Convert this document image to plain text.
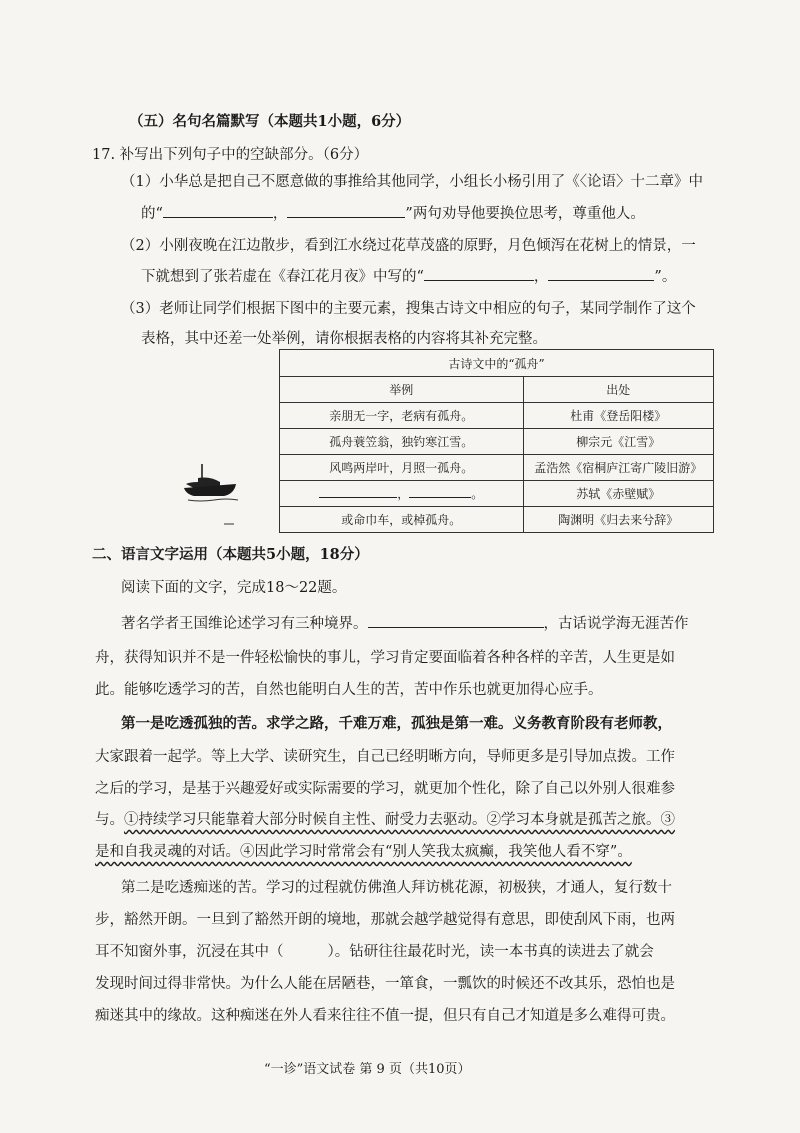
（五）名句名篇默写（本题共1小题，6分）
17. 补写出下列句子中的空缺部分。（6分）
（1）小华总是把自己不愿意做的事推给其他同学，小组长小杨引用了《〈论语〉十二章》中
的“	，	”两句劝导他要换位思考，尊重他人。
（2）小刚夜晚在江边散步，看到江水绕过花草茂盛的原野，月色倾泻在花树上的情景，一
下就想到了张若虚在《春江花月夜》中写的“	，	”。
（3）老师让同学们根据下图中的主要元素，搜集古诗文中相应的句子，某同学制作了这个
表格，其中还差一处举例，请你根据表格的内容将其补充完整。
古诗文中的“孤舟”	
举例	出处
亲朋无一字，老病有孤舟。	杜甫《登岳阳楼》
孤舟蓑笠翁，独钓寒江雪。	柳宗元《江雪》
风鸣两岸叶，月照一孤舟。	孟浩然《宿桐庐江寄广陵旧游》
， 。	苏轼《赤壁赋》
或命巾车，或棹孤舟。	陶渊明《归去来兮辞》
二、语言文字运用（本题共5小题，18分）
阅读下面的文字，完成18～22题。
著名学者王国维论述学习有三种境界。	，古话说学海无涯苦作
舟，获得知识并不是一件轻松愉快的事儿，学习肯定要面临着各种各样的辛苦，人生更是如
此。能够吃透学习的苦，自然也能明白人生的苦，苦中作乐也就更加得心应手。
第一是吃透孤独的苦。求学之路，千难万难，孤独是第一难。义务教育阶段有老师教，
大家跟着一起学。等上大学、读研究生，自己已经明晰方向，导师更多是引导加点拨。工作
之后的学习，是基于兴趣爱好或实际需要的学习，就更加个性化，除了自己以外别人很难参
与。①持续学习只能靠着大部分时候自主性、耐受力去驱动。②学习本身就是孤苦之旅。③
是和自我灵魂的对话。④因此学习时常常会有“别人笑我太疯癫，我笑他人看不穿”。
第二是吃透痴迷的苦。学习的过程就仿佛渔人拜访桃花源，初极狭，才通人，复行数十
步，豁然开朗。一旦到了豁然开朗的境地，那就会越学越觉得有意思，即使刮风下雨，也两
耳不知窗外事，沉浸在其中（	）。钻研往往最花时光，读一本书真的读进去了就会
发现时间过得非常快。为什么人能在居陋巷，一箪食，一瓢饮的时候还不改其乐，恐怕也是
痴迷其中的缘故。这种痴迷在外人看来往往不值一提，但只有自己才知道是多么难得可贵。
“一诊”语文试卷 第 9 页（共10页）
